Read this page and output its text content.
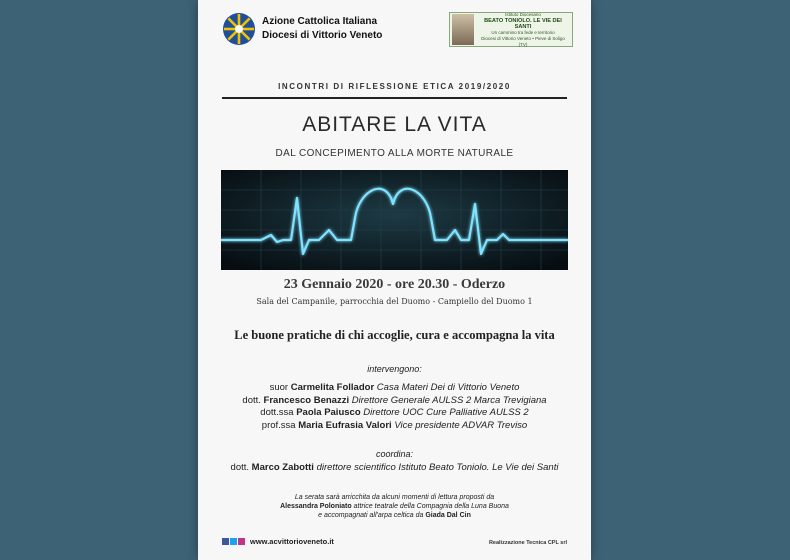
Azione Cattolica Italiana
Diocesi di Vittorio Veneto
Istituto Diocesano
BEATO TONIOLO. LE VIE DEI SANTI
Un cammino tra fede e territorio
Diocesi di Vittorio Veneto • Pieve di Soligo (TV)
INCONTRI DI RIFLESSIONE ETICA 2019/2020
ABITARE LA VITA
DAL CONCEPIMENTO ALLA MORTE NATURALE
23 Gennaio 2020 - ore 20.30 - Oderzo
Sala del Campanile, parrocchia del Duomo - Campiello del Duomo 1
Le buone pratiche di chi accoglie, cura e accompagna la vita
intervengono:
suor Carmelita Follador Casa Materi Dei di Vittorio Veneto
dott. Francesco Benazzi Direttore Generale AULSS 2 Marca Trevigiana
dott.ssa Paola Paiusco Direttore UOC Cure Palliative AULSS 2
prof.ssa Maria Eufrasia Valori Vice presidente ADVAR Treviso
coordina:
dott. Marco Zabotti direttore scientifico Istituto Beato Toniolo. Le Vie dei Santi
La serata sarà arricchita da alcuni momenti di lettura proposti da
Alessandra Poloniato attrice teatrale della Compagnia della Luna Buona
e accompagnati all'arpa celtica da Giada Dal Cin
www.acvittorioveneto.it	Realizzazione Tecnica CPL srl
